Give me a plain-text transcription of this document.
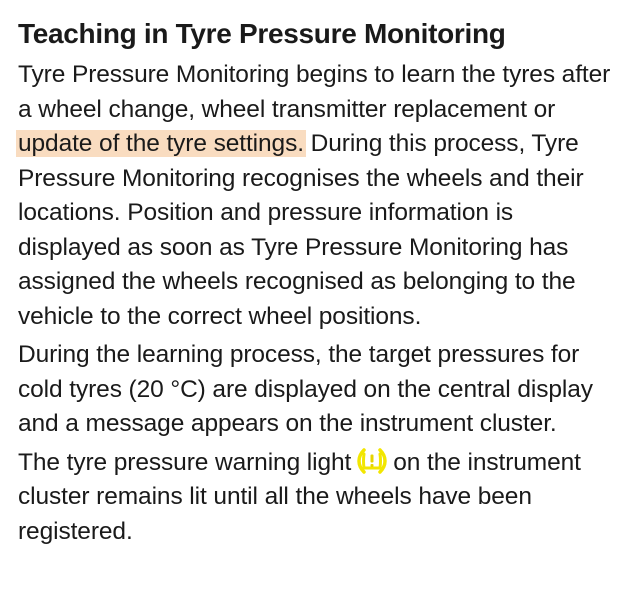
Teaching in Tyre Pressure Monitoring

Tyre Pressure Monitoring begins to learn the tyres after a wheel change, wheel transmitter replacement or update of the tyre settings. During this process, Tyre Pressure Monitoring recognises the wheels and their locations. Position and pressure information is displayed as soon as Tyre Pressure Monitoring has assigned the wheels recognised as belonging to the vehicle to the correct wheel positions.

During the learning process, the target pressures for cold tyres (20 °C) are displayed on the central display and a message appears on the instrument cluster.

The tyre pressure warning light on the instrument cluster remains lit until all the wheels have been registered.
